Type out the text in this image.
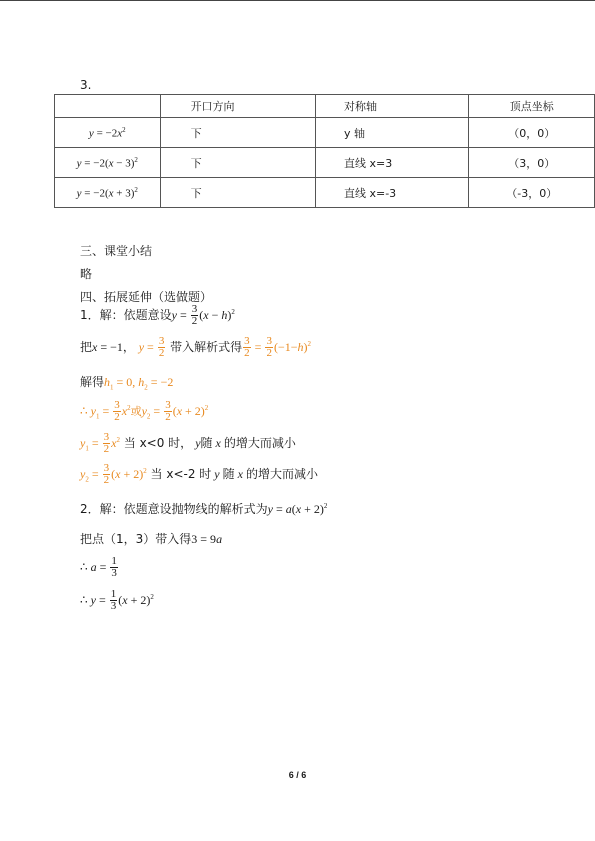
3.
	开口方向	对称轴	顶点坐标
$y = -2x^2$	下	y 轴	（0，0）
$y = -2(x - 3)^2$	下	直线 x=3	（3，0）
$y = -2(x + 3)^2$	下	直线 x=-3	（-3，0）
三、课堂小结
略
四、拓展延伸（选做题）
1．解：依题意设$y = \frac{3}{2} (x - h)^2$
把x = −1， $y = \frac{3}{2}$ 带入解析式得 $\frac{3}{2} = \frac{3}{2} (-1-h)^2$
解得$h_1 = 0$, $h_2 = -2$
∴ $y_1 = \frac{3}{2} x^2$或$y_2 = \frac{3}{2} (x + 2)^2$
$y_1 = \frac{3}{2} x^2$ 当 x<0 时， y随 x 的增大而减小
$y_2 = \frac{3}{2} (x + 2)^2$ 当 x<-2 时 y 随 x 的增大而减小
2．解：依题意设抛物线的解析式为$y = a(x + 2)^2$
把点（1，3）带入得3 = 9a
∴ $a = \frac{1}{3}$
∴ $y = \frac{1}{3} (x + 2)^2$
6 / 6
